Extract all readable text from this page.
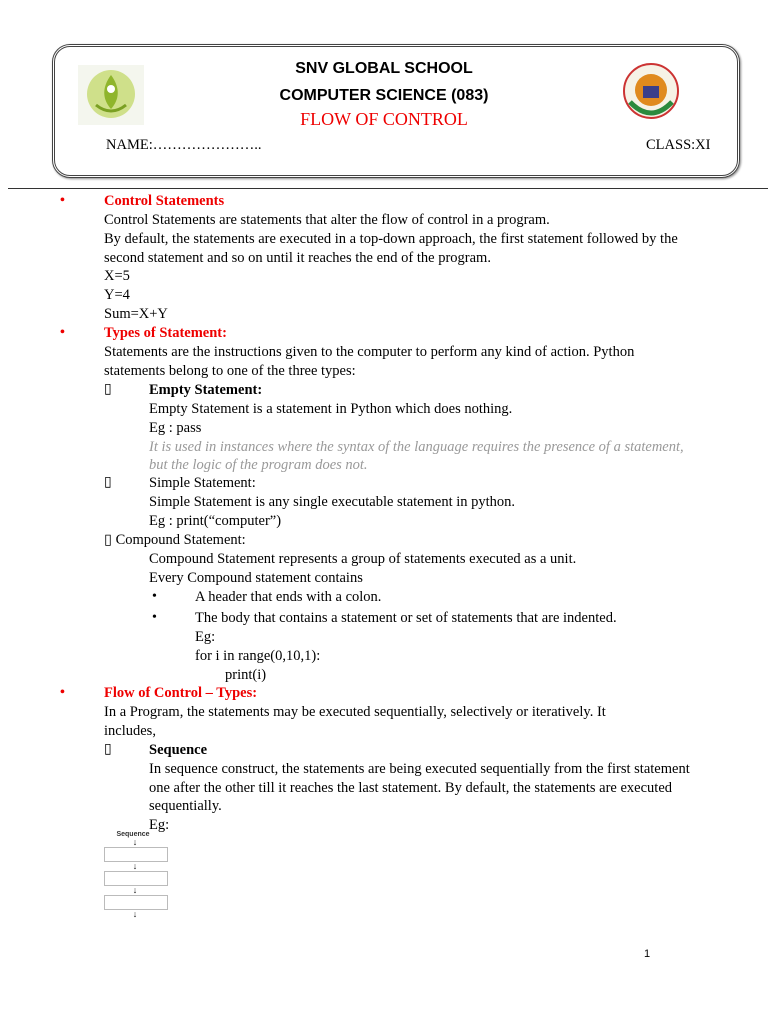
SNV GLOBAL SCHOOL
COMPUTER SCIENCE (083)
FLOW OF CONTROL
NAME:…………………..	CLASS:XI
•	Control Statements
Control Statements are statements that alter the flow of control in a program.
By default, the statements are executed in a top-down approach, the first statement followed by the
second statement and so on until it reaches the end of the program.
X=5
Y=4
Sum=X+Y
•	Types of Statement:
Statements are the instructions given to the computer to perform any kind of action. Python
statements belong to one of the three types:
▯	Empty Statement:
Empty Statement is a statement in Python which does nothing.
Eg : pass
It is used in instances where the syntax of the language requires the presence of a statement,
but the logic of the program does not.
▯	Simple Statement:
Simple Statement is any single executable statement in python.
Eg : print(“computer”)
▯ Compound Statement:
Compound Statement represents a group of statements executed as a unit.
Every Compound statement contains
•	A header that ends with a colon.
•	The body that contains a statement or set of statements that are indented.
Eg:
for i in range(0,10,1):
print(i)
•	Flow of Control – Types:
In a Program, the statements may be executed sequentially, selectively or iteratively. It
includes,
▯	Sequence
In sequence construct, the statements are being executed sequentially from the first statement
one after the other till it reaches the last statement. By default, the statements are executed
sequentially.
Eg:
Sequence
↓
↓
↓
↓
1
